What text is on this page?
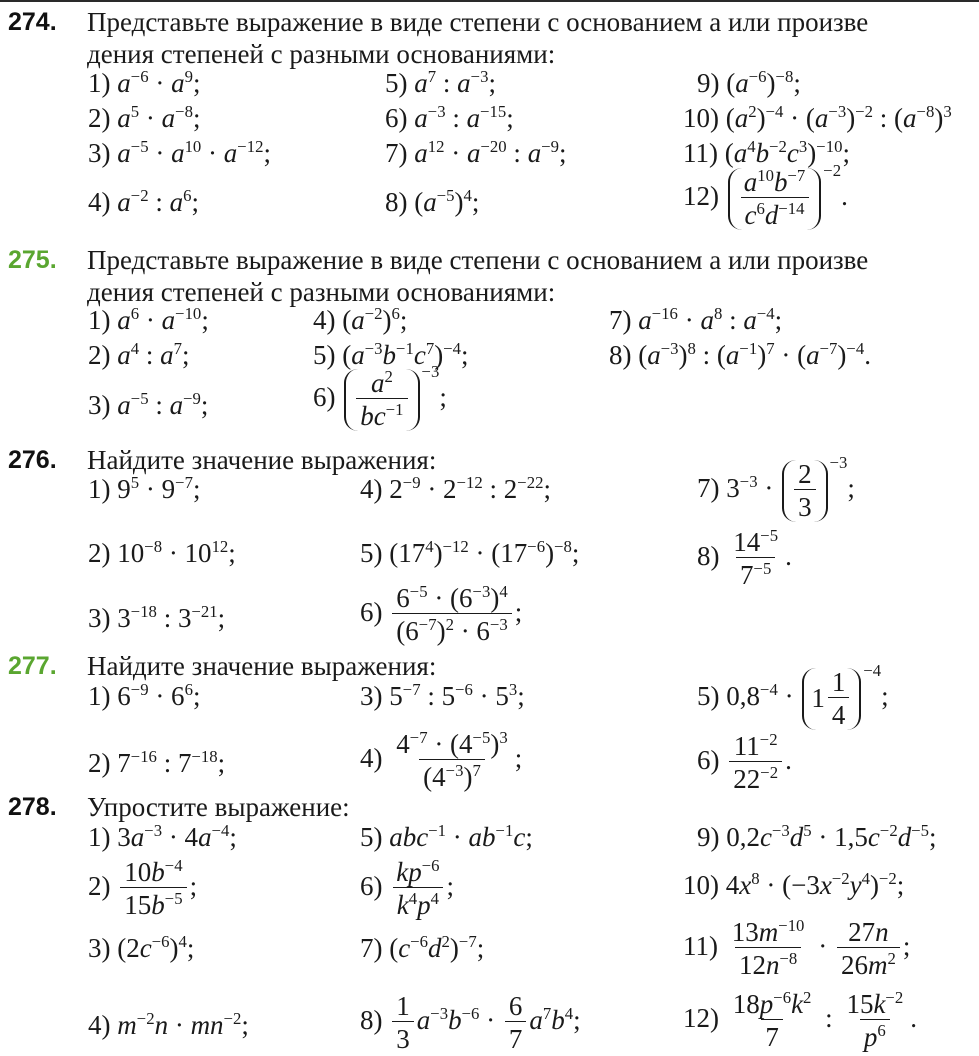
274. Представьте выражение в виде степени с основанием a или произве
дения степеней с разными основаниями:
1) $a^{-6} \cdot a^9$;
2) $a^5 \cdot a^{-8}$;
3) $a^{-5} \cdot a^{10} \cdot a^{-12}$;
4) $a^{-2}$ : $a^6$;
5) $a^7$ : $a^{-3}$;
6) $a^{-3}$ : $a^{-15}$;
7) $a^{12} \cdot a^{-20}$ : $a^{-9}$;
8) $(a^{-5})^4$;
9) $(a^{-6})^{-8}$;
10) $(a^2)^{-4} \cdot (a^{-3})^{-2}$ : $(a^{-8})^3$
11) $(a^4b^{-2}c^3)^{-10}$;
$12) \frac{a^{10}b^{-7}}{c^6d^{-14}} -2$.
275. Представьте выражение в виде степени с основанием a или произве
дения степеней с разными основаниями:
1) $a^6 \cdot a^{-10}$;
2) $a^4$ : $a^7$;
3) $a^{-5}$ : $a^{-9}$;
4) $(a^{-2})^6$;
5) $(a^{-3}b^{-1}c^7)^{-4}$;
$6) \frac{a^2}{bc^{-1}} -3$;
7) $a^{-16} \cdot a^8$ : $a^{-4}$;
8) $(a^{-3})^8$ : $(a^{-1})^7 \cdot (a^{-7})^{-4}$.
276. Найдите значение выражения:
1) $9^5 \cdot 9^{-7}$;
2) $10^{-8} \cdot 10^{12}$;
3) $3^{-18}$ : $3^{-21}$;
4) $2^{-9} \cdot 2^{-12}$ : $2^{-22}$;
5) $(17^4)^{-12} \cdot (17^{-6})^{-8}$;
$6) \frac{6^{-5} \cdot (6^{-3})^4}{(6^{-7})^2 \cdot 6^{-3}}$ ;
7) $3^{-3} \cdot \frac{2}{3} -3$;
$8) \frac{14^{-5}}{7^{-5}}$ .
277. Найдите значение выражения:
1) $6^{-9} \cdot 6^6$;
2) $7^{-16}$ : $7^{-18}$;
3) $5^{-7}$ : $5^{-6} \cdot 5^3$;
$4) \frac{4^{-7} \cdot (4^{-5})^3}{(4^{-3})^7}$ ;
5) $0,8^{-4} \cdot 1 \frac{1}{4} -4$;
$6) \frac{11^{-2}}{22^{-2}}$ .
278. Упростите выражение:
1) $3a^{-3} \cdot 4a^{-4}$;
$2) \frac{10b^{-4}}{15b^{-5}}$ ;
3) $(2c^{-6})^4$;
4) $m^{-2}n \cdot mn^{-2}$;
5) $abc^{-1} \cdot ab^{-1}c$;
$6) \frac{kp^{-6}}{k^4p^4}$ ;
7) $(c^{-6}d^2)^{-7}$;
$8) \frac{1}{3} a^{-3}b^{-6} \cdot \frac{6}{7} a^7b^4$;
9) $0,2c^{-3}d^5 \cdot 1,5c^{-2}d^{-5}$;
10) $4x^8 \cdot (-3x^{-2}y^4)^{-2}$;
$11) \frac{13m^{-10}}{12n^{-8}} \cdot \frac{27n}{26m^2}$ ;
$12) \frac{18p^{-6}k^2}{7}$ : $\frac{15k^{-2}}{p^6}$ .
